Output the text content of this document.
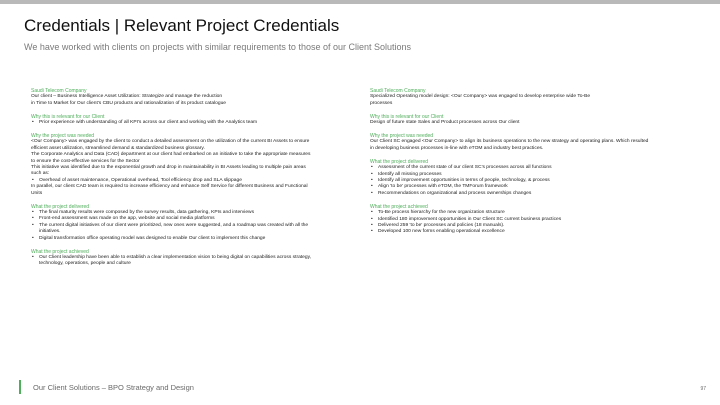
Credentials | Relevant Project Credentials
We have worked with clients on projects with similar requirements to those of our Client Solutions
Saudi Telecom Company
Our client – Business Intelligence Asset Utilization: Strategize and manage the reduction
in Time to Market for Our client's CBU products and rationalization of its product catalogue
Why this is relevant for our Client
• Prior experience with understanding of all KPI's across our client and working with the Analytics team
Why the project was needed
<Our Company> was engaged by the client to conduct a detailed assessment on the utilization of the current BI Assets to ensure
efficient asset utilization, streamlined demand & standardized business glossary.
The Corporate Analytics and Data (CAD) department at our client had embarked on an initiative to take the appropriate measures
to ensure the cost-effective services for the Sector
This initiative was identified due to the exponential growth and drop in maintainability in BI Assets leading to multiple pain areas
such as:
• Overhead of asset maintenance, Operational overhead, Tool efficiency drop and SLA slippage
In parallel, our client CAD team is required to increase efficiency and enhance Self Service for different Business and Functional
Units
What the project delivered
• The final maturity results were composed by the survey results, data gathering, KPIs and interviews
• Front-end assessment was made on the app, website and social media platforms
• The current digital initiatives of our client were prioritized, new ones were suggested, and a roadmap was created with all the
initiatives.
• Digital transformation office operating model was designed to enable Our client to implement this change
What the project achieved
• Our Client leadership have been able to establish a clear implementation vision to being digital on capabilities across strategy,
technology, operations, people and culture
Saudi Telecom Company
Specialized Operating model design: <Our Company> was engaged to develop enterprise wide To-Be
processes
Why this is relevant for our Client
Design of future state Sales and Product processes across Our client
Why the project was needed
Our Client SC engaged <Our Company> to align its business operations to the new strategy and operating plans. Which resulted
in developing business processes in-line with eTOM and industry best practices.
What the project delivered
• Assessment of the current state of our client SC's processes across all functions
• Identify all missing processes
• Identify all improvement opportunities in terms of people, technology, & process
• Align 'to be' processes with eTOM, the TMForum framework
• Recommendations on organizational and process ownerships changes
What the project achieved
• To-Be process hierarchy for the new organization structure
• Identified 180 improvement opportunities in Our Client SC current business practices
• Delivered 259 'to be' processes and policies (18 manuals).
• Developed 100 new forms enabling operational excellence
Our Client Solutions – BPO Strategy and Design	97
